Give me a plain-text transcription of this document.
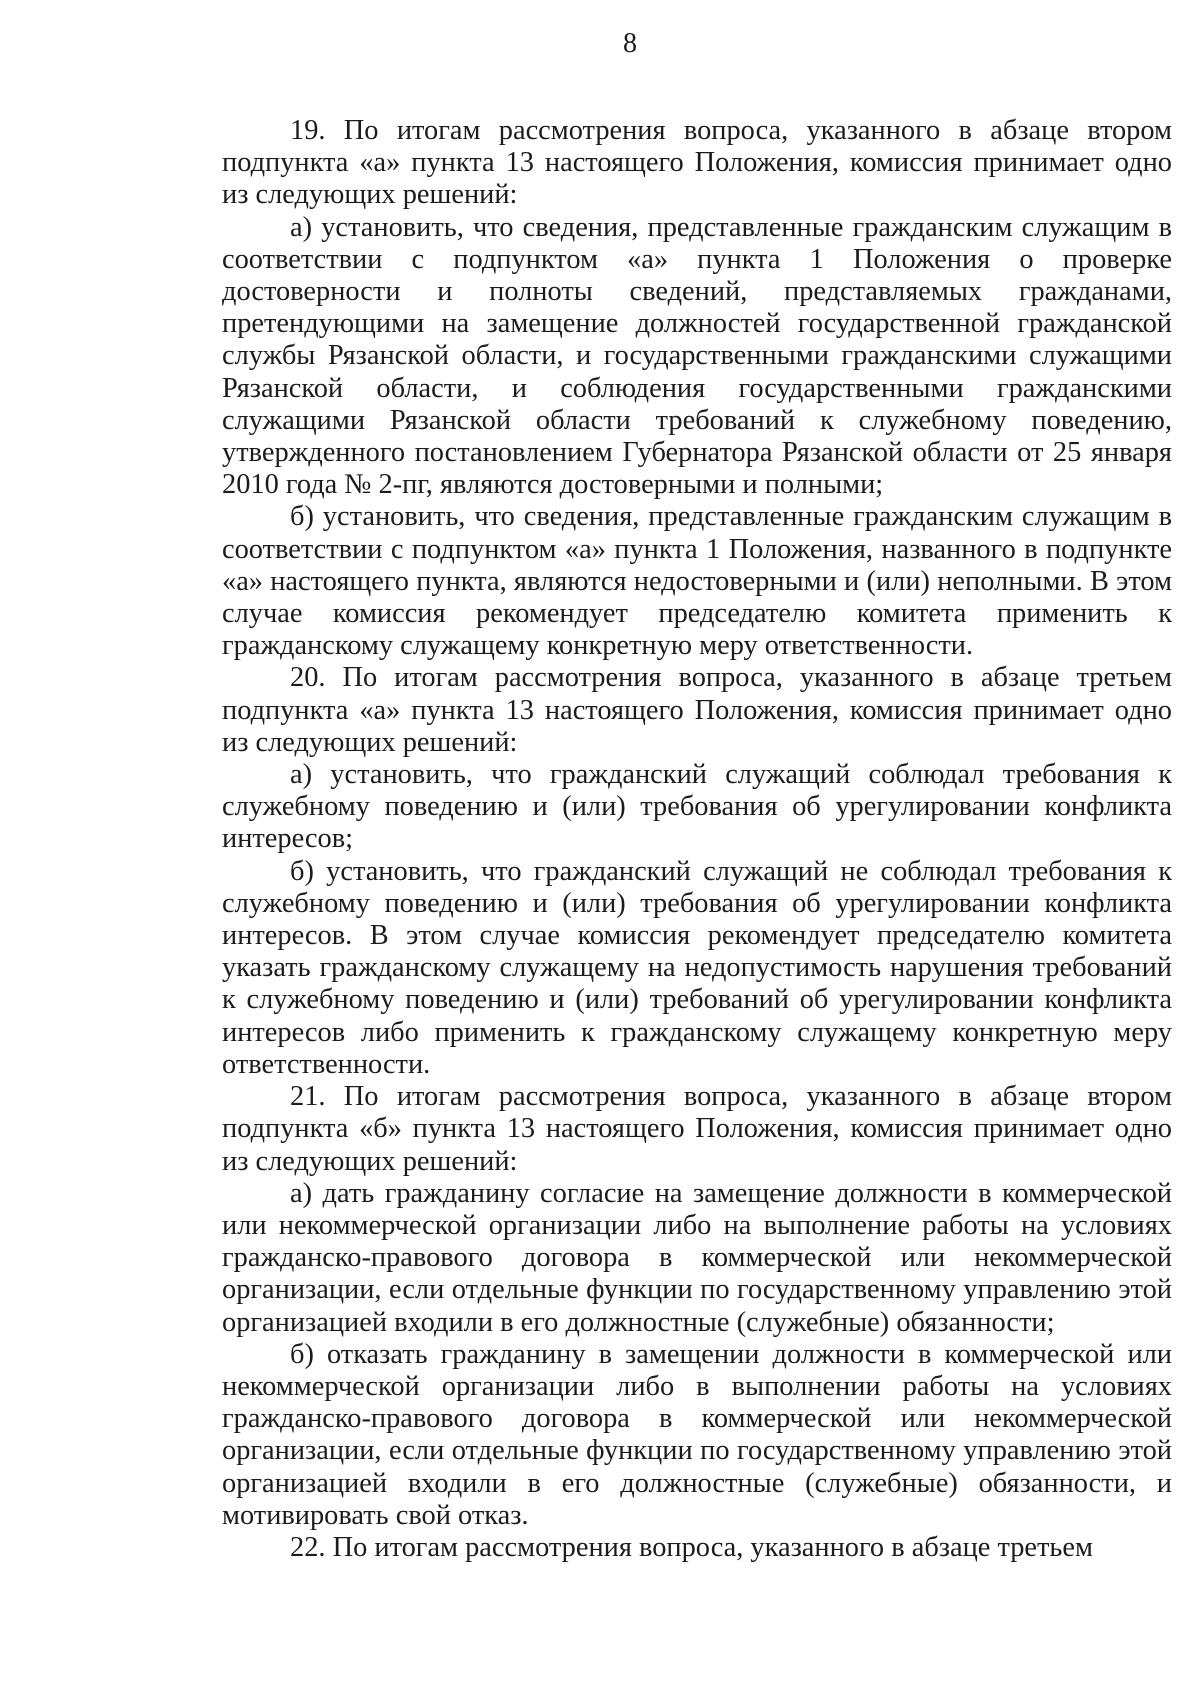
8

19. По итогам рассмотрения вопроса, указанного в абзаце втором подпункта «а» пункта 13 настоящего Положения, комиссия принимает одно из следующих решений:

а) установить, что сведения, представленные гражданским служащим в соответствии с подпунктом «а» пункта 1 Положения о проверке достоверности и полноты сведений, представляемых гражданами, претендующими на замещение должностей государственной гражданской службы Рязанской области, и государственными гражданскими служащими Рязанской области, и соблюдения государственными гражданскими служащими Рязанской области требований к служебному поведению, утвержденного постановлением Губернатора Рязанской области от 25 января 2010 года № 2-пг, являются достоверными и полными;

б) установить, что сведения, представленные гражданским служащим в соответствии с подпунктом «а» пункта 1 Положения, названного в подпункте «а» настоящего пункта, являются недостоверными и (или) неполными. В этом случае комиссия рекомендует председателю комитета применить к гражданскому служащему конкретную меру ответственности.

20. По итогам рассмотрения вопроса, указанного в абзаце третьем подпункта «а» пункта 13 настоящего Положения, комиссия принимает одно из следующих решений:

а) установить, что гражданский служащий соблюдал требования к служебному поведению и (или) требования об урегулировании конфликта интересов;

б) установить, что гражданский служащий не соблюдал требования к служебному поведению и (или) требования об урегулировании конфликта интересов. В этом случае комиссия рекомендует председателю комитета указать гражданскому служащему на недопустимость нарушения требований к служебному поведению и (или) требований об урегулировании конфликта интересов либо применить к гражданскому служащему конкретную меру ответственности.

21. По итогам рассмотрения вопроса, указанного в абзаце втором подпункта «б» пункта 13 настоящего Положения, комиссия принимает одно из следующих решений:

а) дать гражданину согласие на замещение должности в коммерческой или некоммерческой организации либо на выполнение работы на условиях гражданско-правового договора в коммерческой или некоммерческой организации, если отдельные функции по государственному управлению этой организацией входили в его должностные (служебные) обязанности;

б) отказать гражданину в замещении должности в коммерческой или некоммерческой организации либо в выполнении работы на условиях гражданско-правового договора в коммерческой или некоммерческой организации, если отдельные функции по государственному управлению этой организацией входили в его должностные (служебные) обязанности, и мотивировать свой отказ.

22. По итогам рассмотрения вопроса, указанного в абзаце третьем
